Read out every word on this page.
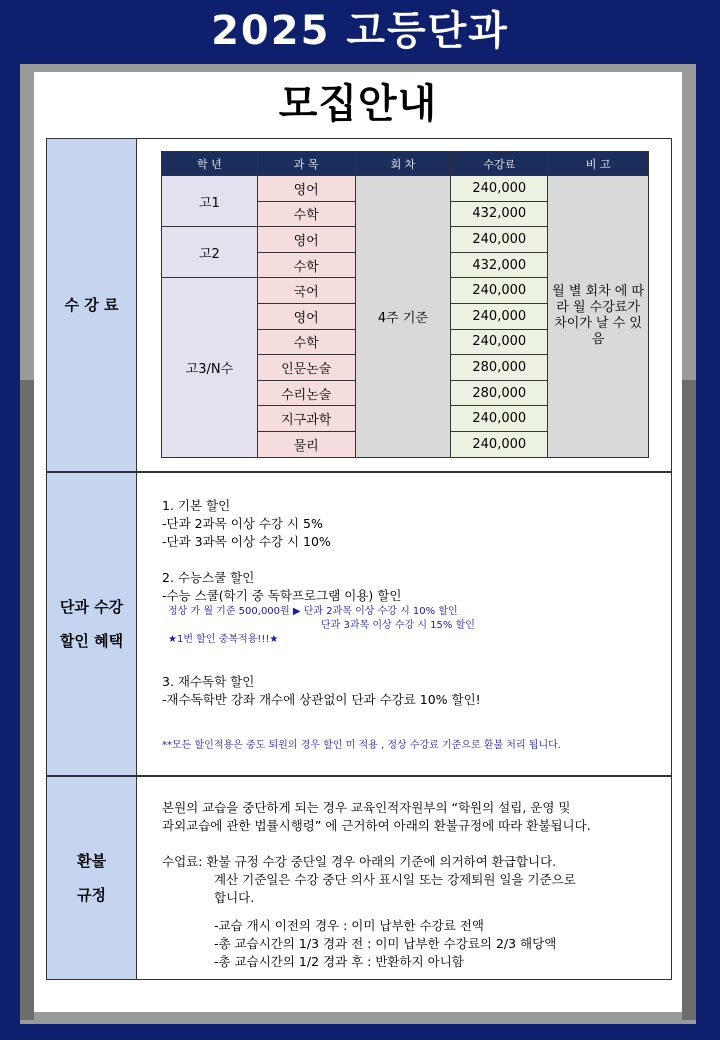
2025 고등단과
모집안내
수 강 료
학 년	과 목	회 차	수강료	비 고
고1	영어	4주 기준	240,000	월 별 회차 에 따라 월 수강료가 차이가 날 수 있음
	수학		432,000	
고2	영어		240,000	
	수학		432,000	
고3/N수	국어		240,000	
	영어		240,000	
	수학		240,000	
	인문논술		280,000	
	수리논술		280,000	
	지구과학		240,000	
	물리		240,000	
단과 수강
할인 혜택
1. 기본 할인
-단과 2과목 이상 수강 시 5%
-단과 3과목 이상 수강 시 10%
2. 수능스쿨 할인
-수능 스쿨(학기 중 독학프로그램 이용) 할인
정상 가 월 기준 500,000원 ▶ 단과 2과목 이상 수강 시 10% 할인
단과 3과목 이상 수강 시 15% 할인
★1번 할인 중복적용!!!★
3. 재수독학 할인
-재수독학반 강좌 개수에 상관없이 단과 수강료 10% 할인!
**모든 할인적용은 중도 퇴원의 경우 할인 미 적용 , 정상 수강료 기준으로 환불 처리 됩니다.
환불
규정
본원의 교습을 중단하게 되는 경우 교육인적자원부의 “학원의 설립, 운영 및
과외교습에 관한 법률시행령” 에 근거하여 아래의 환불규정에 따라 환불됩니다.
수업료: 환불 규정 수강 중단일 경우 아래의 기준에 의거하여 환급합니다.
계산 기준일은 수강 중단 의사 표시일 또는 강제퇴원 일을 기준으로
합니다.
-교습 개시 이전의 경우 : 이미 납부한 수강료 전액
-총 교습시간의 1/3 경과 전 : 이미 납부한 수강료의 2/3 해당액
-총 교습시간의 1/2 경과 후 : 반환하지 아니함
